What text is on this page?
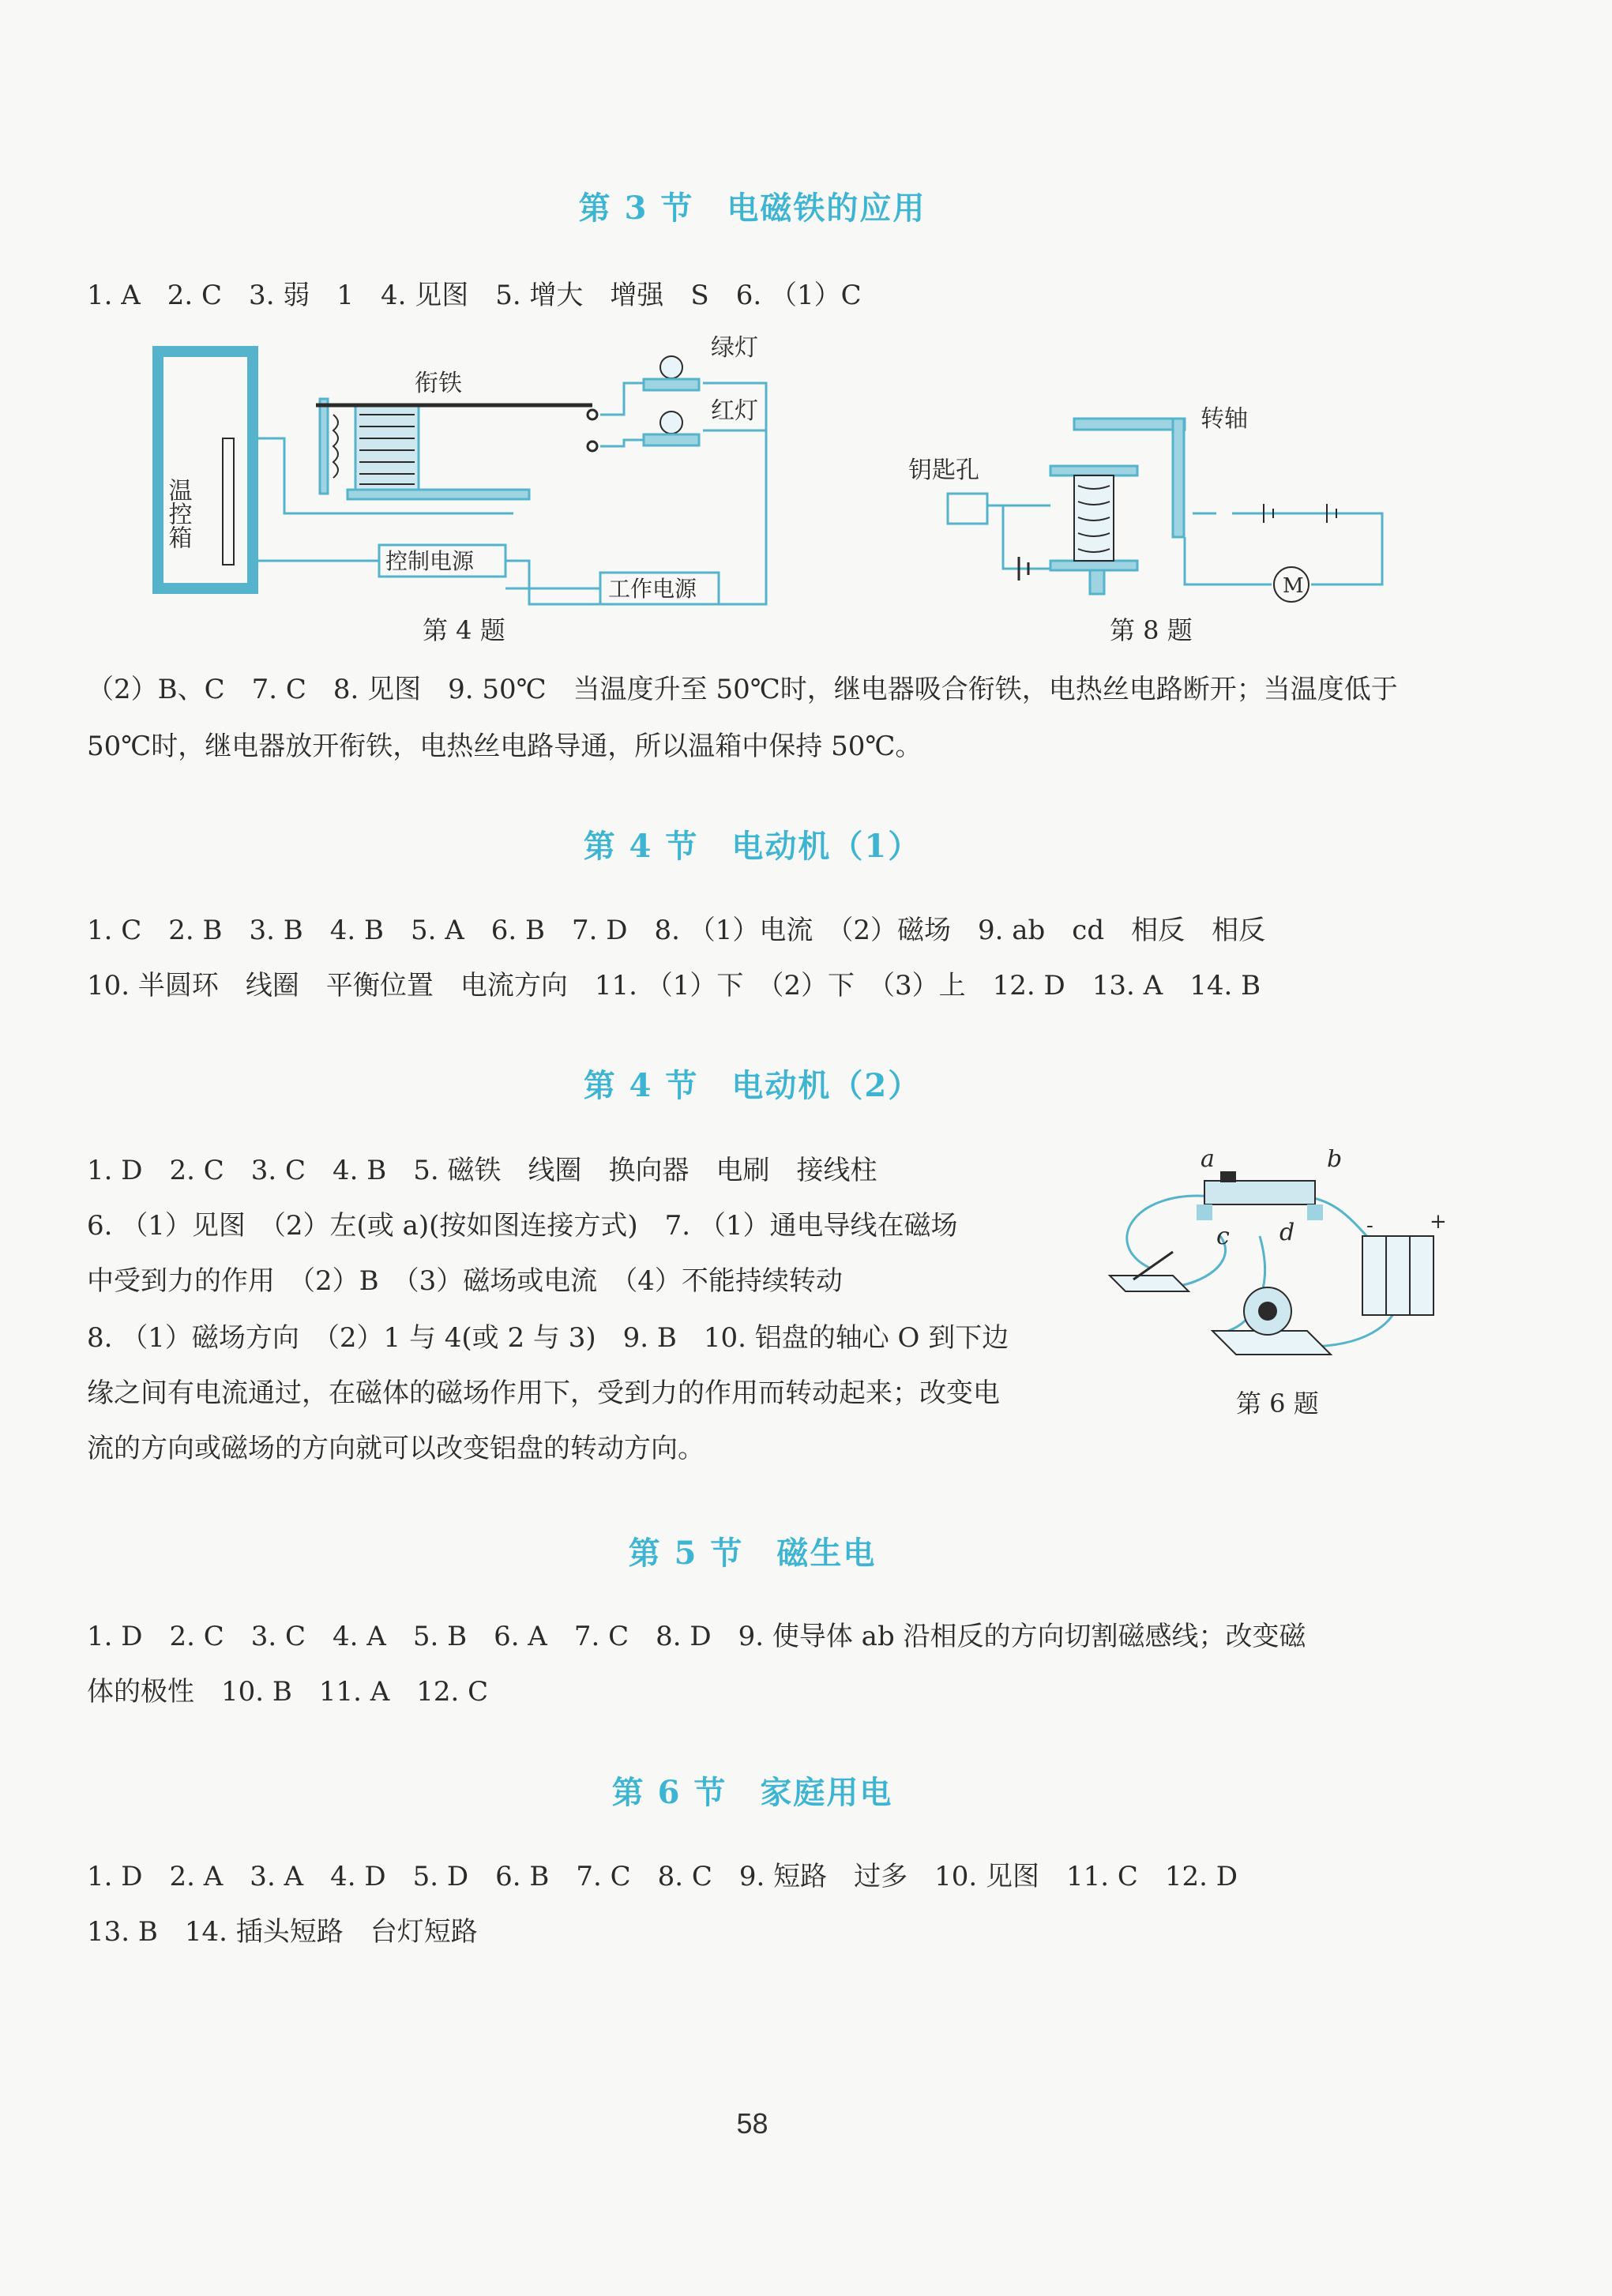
第 3 节　电磁铁的应用
1. A　2. C　3. 弱　1　4. 见图　5. 增大　增强　S　6. （1）C
温控箱
衔铁
绿灯
红灯
控制电源
工作电源
第 4 题
M
转轴
钥匙孔
第 8 题
（2）B、C　7. C　8. 见图　9. 50℃　当温度升至 50℃时，继电器吸合衔铁，电热丝电路断开；当温度低于
50℃时，继电器放开衔铁，电热丝电路导通，所以温箱中保持 50℃。
第 4 节　电动机（1）
1. C　2. B　3. B　4. B　5. A　6. B　7. D　8. （1）电流　（2）磁场　9. ab　cd　相反　相反
10. 半圆环　线圈　平衡位置　电流方向　11. （1）下　（2）下　（3）上　12. D　13. A　14. B
第 4 节　电动机（2）
1. D　2. C　3. C　4. B　5. 磁铁　线圈　换向器　电刷　接线柱
6. （1）见图　（2）左(或 a)(按如图连接方式)　7. （1）通电导线在磁场
中受到力的作用　（2）B　（3）磁场或电流　（4）不能持续转动
8. （1）磁场方向　（2）1 与 4(或 2 与 3)　9. B　10. 铝盘的轴心 O 到下边
缘之间有电流通过，在磁体的磁场作用下，受到力的作用而转动起来；改变电
流的方向或磁场的方向就可以改变铝盘的转动方向。
a	b
c d	-	+
第 6 题
第 5 节　磁生电
1. D　2. C　3. C　4. A　5. B　6. A　7. C　8. D　9. 使导体 ab 沿相反的方向切割磁感线；改变磁
体的极性　10. B　11. A　12. C
第 6 节　家庭用电
1. D　2. A　3. A　4. D　5. D　6. B　7. C　8. C　9. 短路　过多　10. 见图　11. C　12. D
13. B　14. 插头短路　台灯短路
58
